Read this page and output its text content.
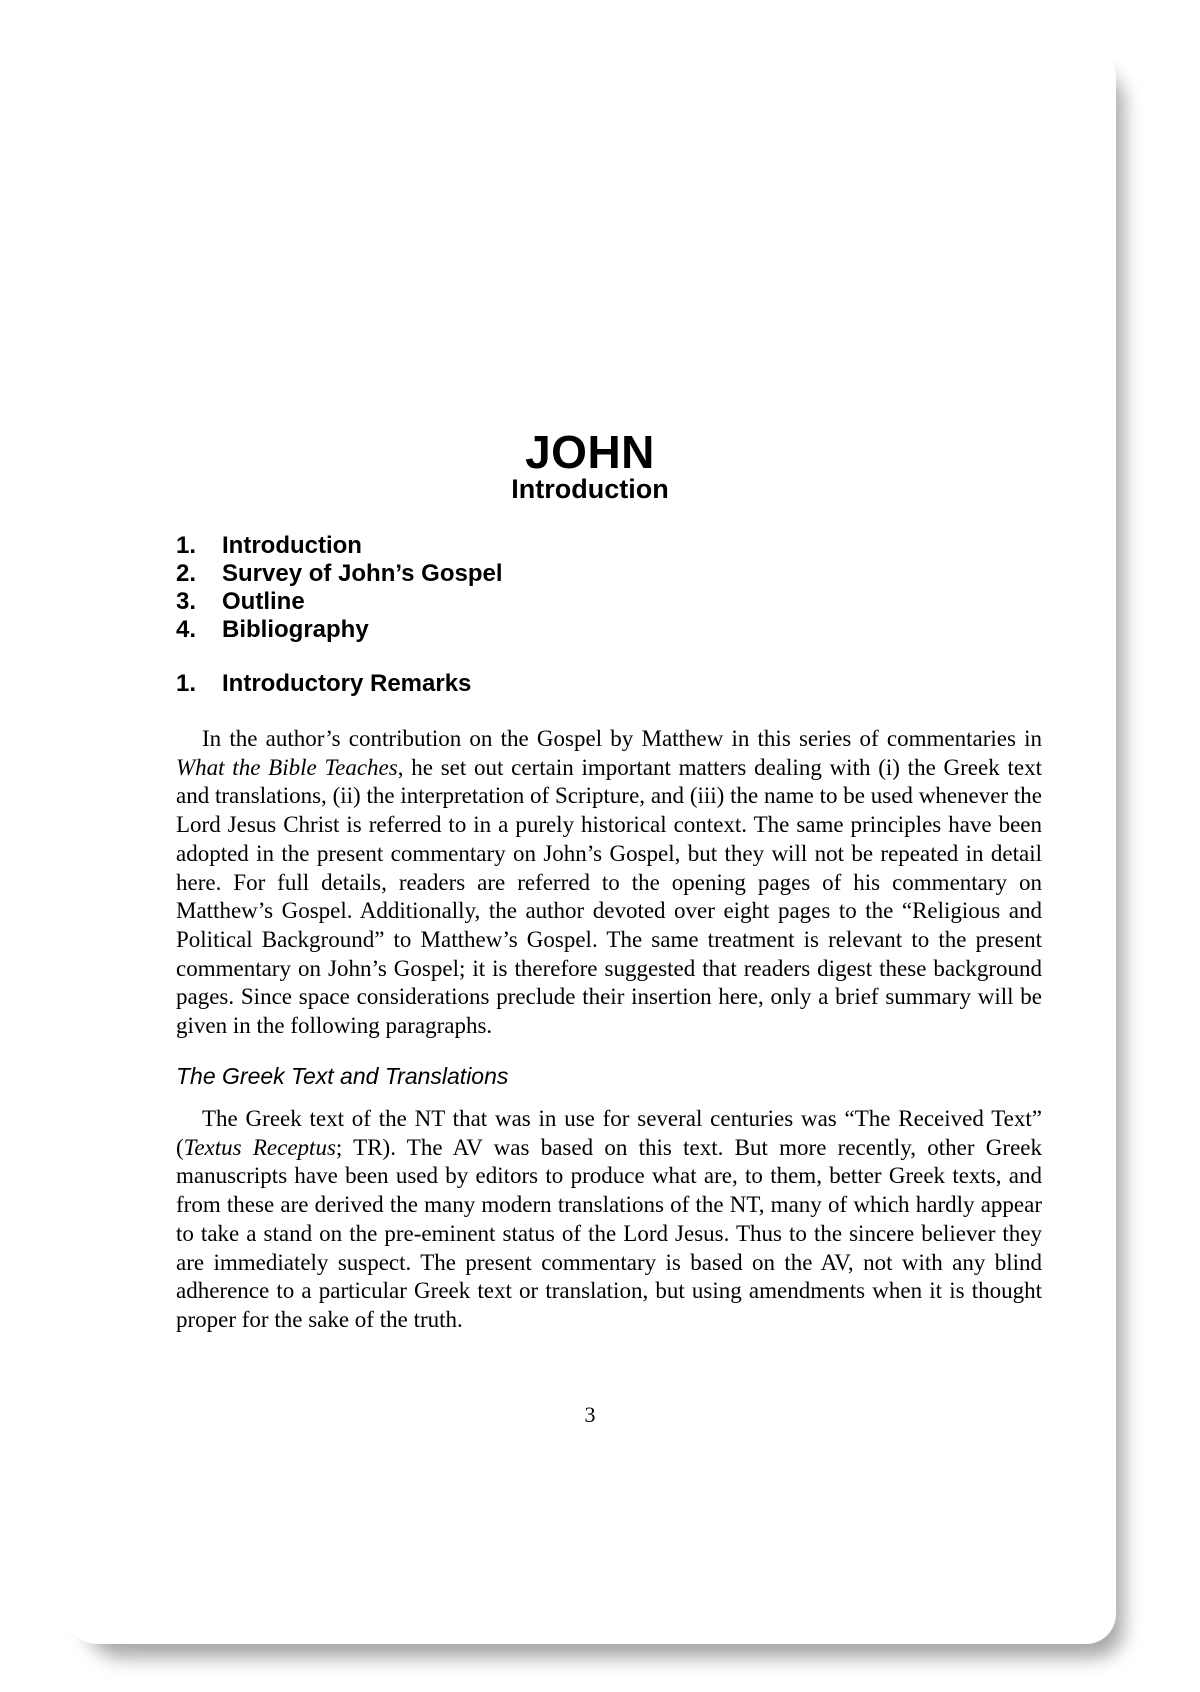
JOHN
Introduction
1.	Introduction
2.	Survey of John’s Gospel
3.	Outline
4.	Bibliography
1.	Introductory Remarks

In the author’s contribution on the Gospel by Matthew in this series of commentaries in What the Bible Teaches, he set out certain important matters dealing with (i) the Greek text and translations, (ii) the interpretation of Scripture, and (iii) the name to be used whenever the Lord Jesus Christ is referred to in a purely historical context. The same principles have been adopted in the present commentary on John’s Gospel, but they will not be repeated in detail here. For full details, readers are referred to the opening pages of his commentary on Matthew’s Gospel. Additionally, the author devoted over eight pages to the “Religious and Political Background” to Matthew’s Gospel. The same treatment is relevant to the present commentary on John’s Gospel; it is therefore suggested that readers digest these background pages. Since space considerations preclude their insertion here, only a brief summary will be given in the following paragraphs.

The Greek Text and Translations

The Greek text of the NT that was in use for several centuries was “The Received Text” (Textus Receptus; TR). The AV was based on this text. But more recently, other Greek manuscripts have been used by editors to produce what are, to them, better Greek texts, and from these are derived the many modern translations of the NT, many of which hardly appear to take a stand on the pre-eminent status of the Lord Jesus. Thus to the sincere believer they are immediately suspect. The present commentary is based on the AV, not with any blind adherence to a particular Greek text or translation, but using amendments when it is thought proper for the sake of the truth.

3
